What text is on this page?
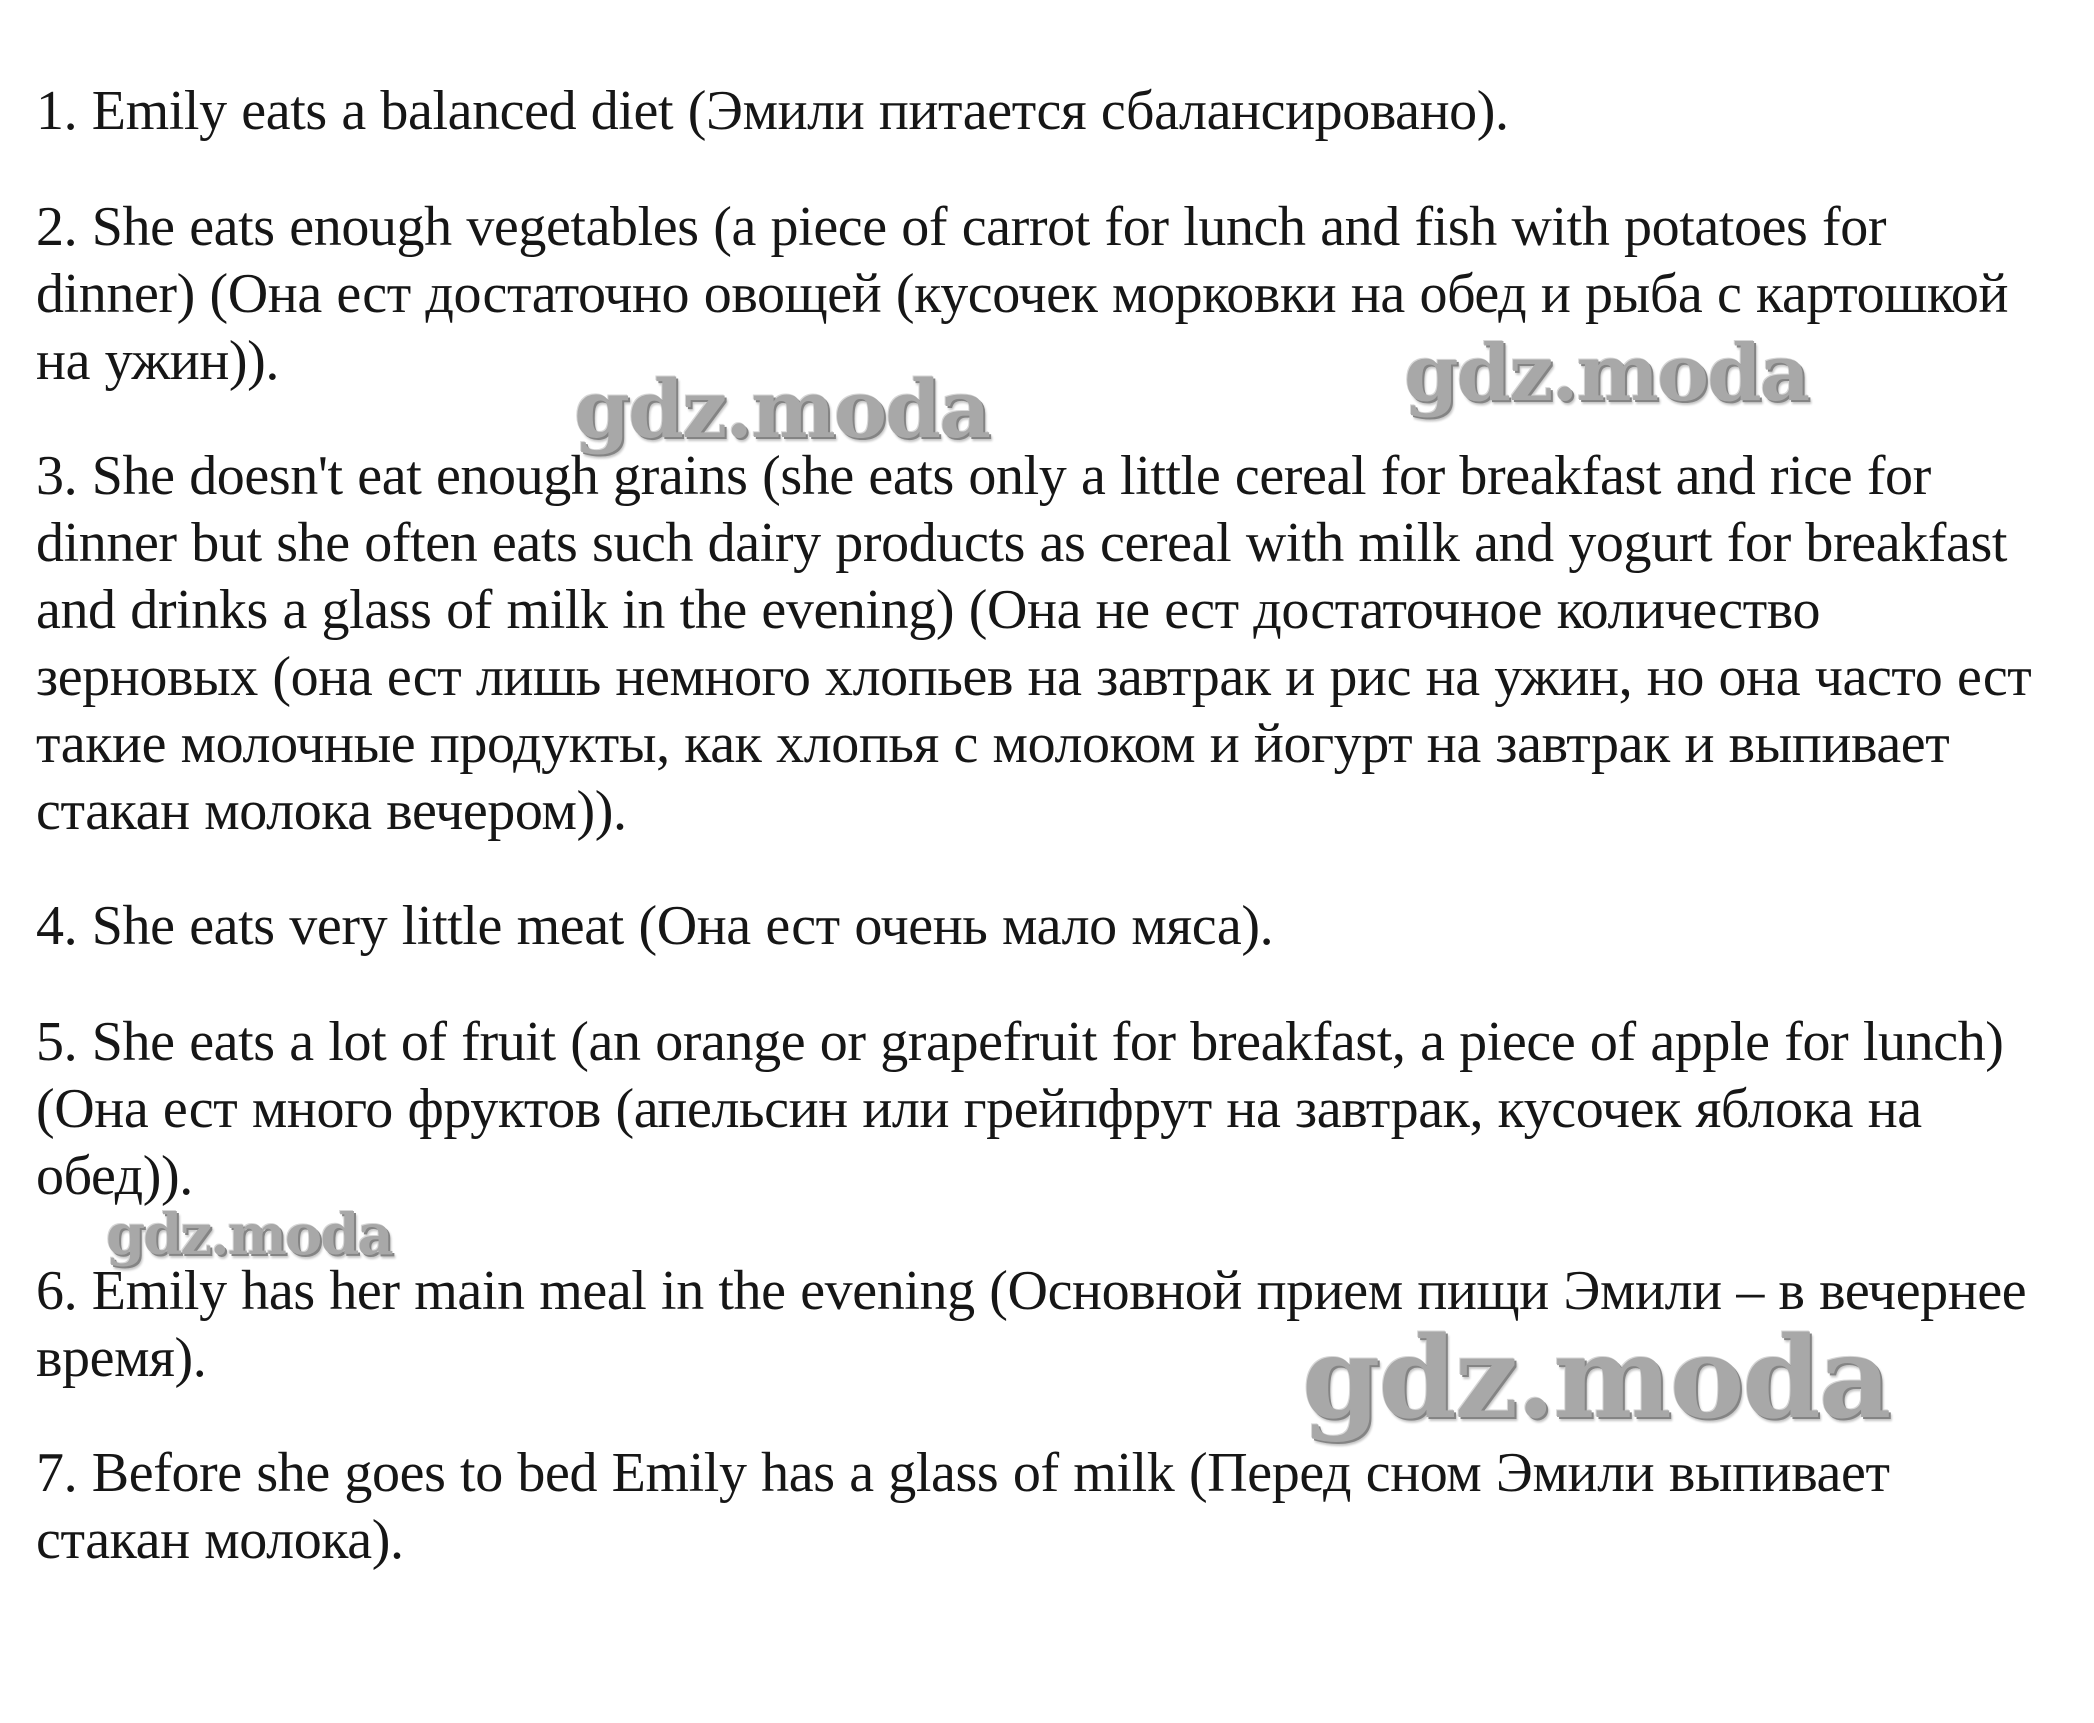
1. Emily eats a balanced diet (Эмили питается сбалансировано).

2. She eats enough vegetables (a piece of carrot for lunch and fish with potatoes for dinner) (Она ест достаточно овощей (кусочек морковки на обед и рыба с картошкой на ужин)).

3. She doesn't eat enough grains (she eats only a little cereal for breakfast and rice for dinner but she often eats such dairy products as cereal with milk and yogurt for breakfast and drinks a glass of milk in the evening) (Она не ест достаточное количество зерновых (она ест лишь немного хлопьев на завтрак и рис на ужин, но она часто ест такие молочные продукты, как хлопья с молоком и йогурт на завтрак и выпивает стакан молока вечером)).

4. She eats very little meat (Она ест очень мало мяса).

5. She eats a lot of fruit (an orange or grapefruit for breakfast, a piece of apple for lunch) (Она ест много фруктов (апельсин или грейпфрут на завтрак, кусочек яблока на обед)).

6. Emily has her main meal in the evening (Основной прием пищи Эмили – в вечернее время).

7. Before she goes to bed Emily has a glass of milk (Перед сном Эмили выпивает стакан молока).

gdz.moda	gdz.moda
gdz.moda
gdz.moda
